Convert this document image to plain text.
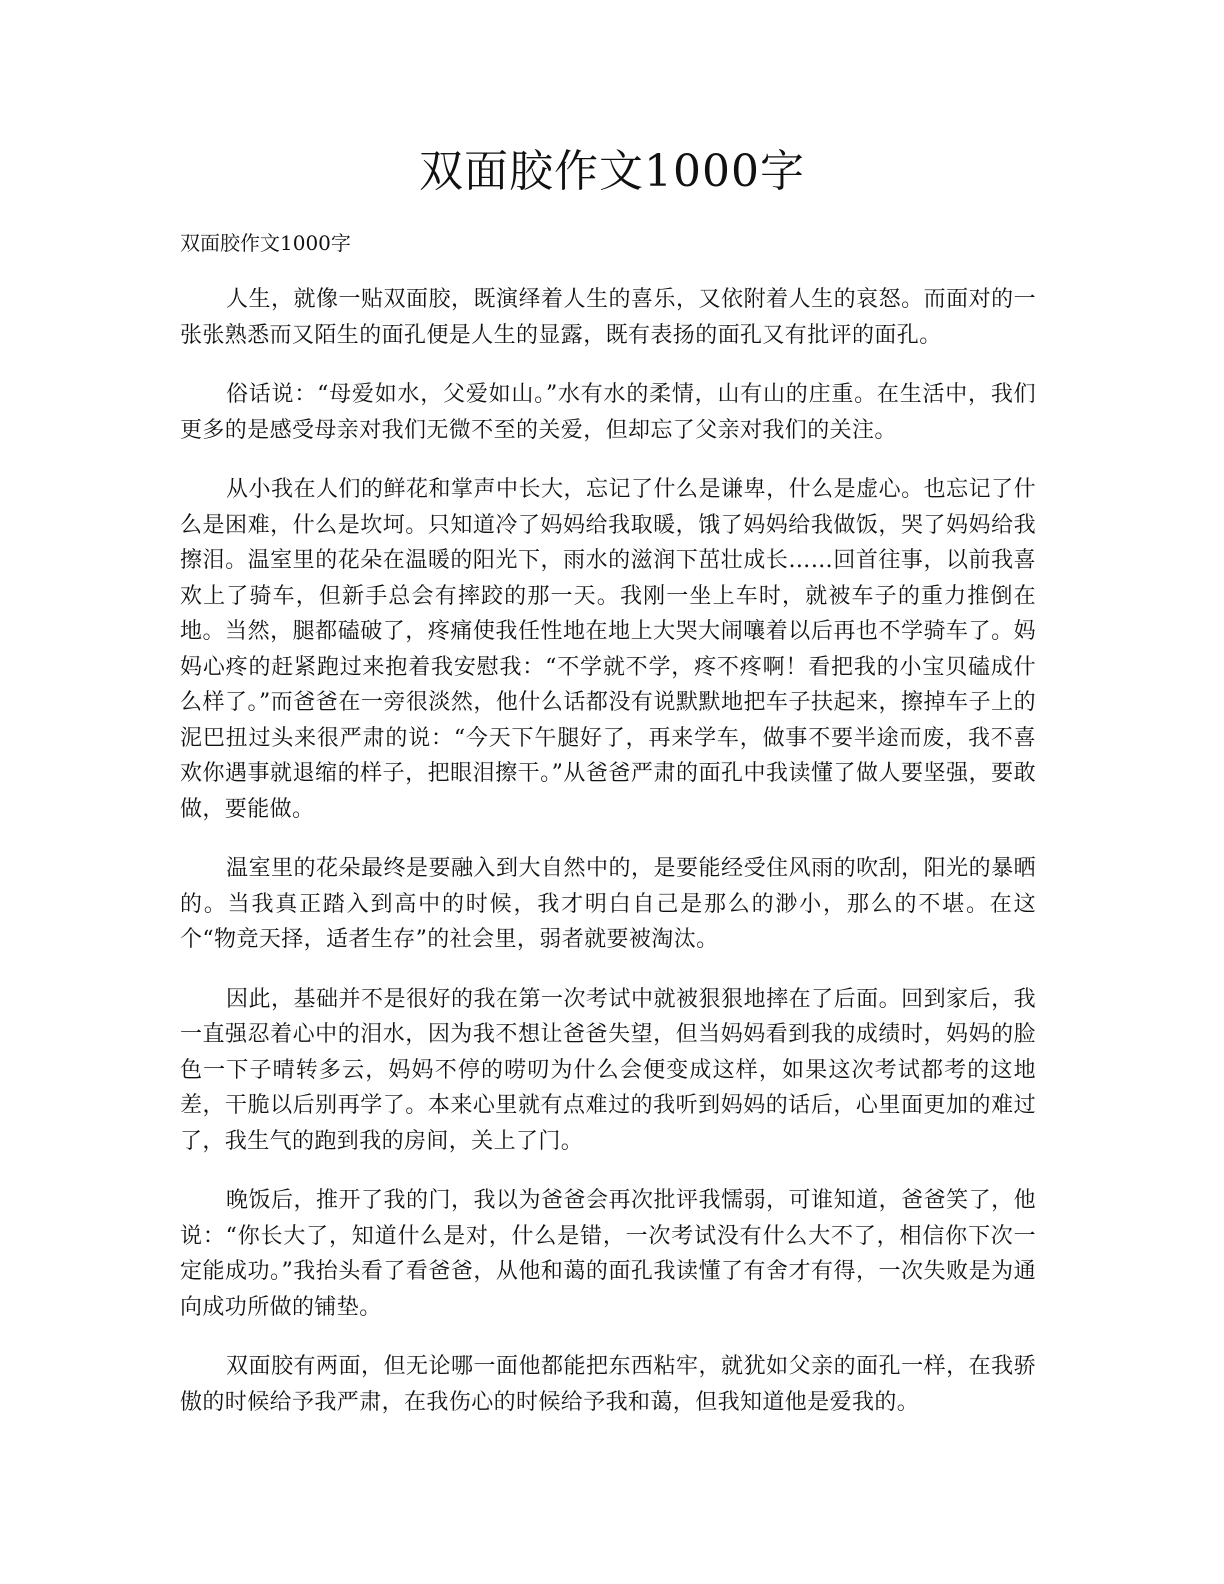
双面胶作文1000字

双面胶作文1000字

人生，就像一贴双面胶，既演绎着人生的喜乐，又依附着人生的哀怒。而面对的一张张熟悉而又陌生的面孔便是人生的显露，既有表扬的面孔又有批评的面孔。

俗话说：“母爱如水，父爱如山。”水有水的柔情，山有山的庄重。在生活中，我们更多的是感受母亲对我们无微不至的关爱，但却忘了父亲对我们的关注。

从小我在人们的鲜花和掌声中长大，忘记了什么是谦卑，什么是虚心。也忘记了什么是困难，什么是坎坷。只知道冷了妈妈给我取暖，饿了妈妈给我做饭，哭了妈妈给我擦泪。温室里的花朵在温暖的阳光下，雨水的滋润下茁壮成长……回首往事，以前我喜欢上了骑车，但新手总会有摔跤的那一天。我刚一坐上车时，就被车子的重力推倒在地。当然，腿都磕破了，疼痛使我任性地在地上大哭大闹嚷着以后再也不学骑车了。妈妈心疼的赶紧跑过来抱着我安慰我：“不学就不学，疼不疼啊！看把我的小宝贝磕成什么样了。”而爸爸在一旁很淡然，他什么话都没有说默默地把车子扶起来，擦掉车子上的泥巴扭过头来很严肃的说：“今天下午腿好了，再来学车，做事不要半途而废，我不喜欢你遇事就退缩的样子，把眼泪擦干。”从爸爸严肃的面孔中我读懂了做人要坚强，要敢做，要能做。

温室里的花朵最终是要融入到大自然中的，是要能经受住风雨的吹刮，阳光的暴晒的。当我真正踏入到高中的时候，我才明白自己是那么的渺小，那么的不堪。在这个“物竞天择，适者生存”的社会里，弱者就要被淘汰。

因此，基础并不是很好的我在第一次考试中就被狠狠地摔在了后面。回到家后，我一直强忍着心中的泪水，因为我不想让爸爸失望，但当妈妈看到我的成绩时，妈妈的脸色一下子晴转多云，妈妈不停的唠叨为什么会便变成这样，如果这次考试都考的这地差，干脆以后别再学了。本来心里就有点难过的我听到妈妈的话后，心里面更加的难过了，我生气的跑到我的房间，关上了门。

晚饭后，推开了我的门，我以为爸爸会再次批评我懦弱，可谁知道，爸爸笑了，他说：“你长大了，知道什么是对，什么是错，一次考试没有什么大不了，相信你下次一定能成功。”我抬头看了看爸爸，从他和蔼的面孔我读懂了有舍才有得，一次失败是为通向成功所做的铺垫。

双面胶有两面，但无论哪一面他都能把东西粘牢，就犹如父亲的面孔一样，在我骄傲的时候给予我严肃，在我伤心的时候给予我和蔼，但我知道他是爱我的。
